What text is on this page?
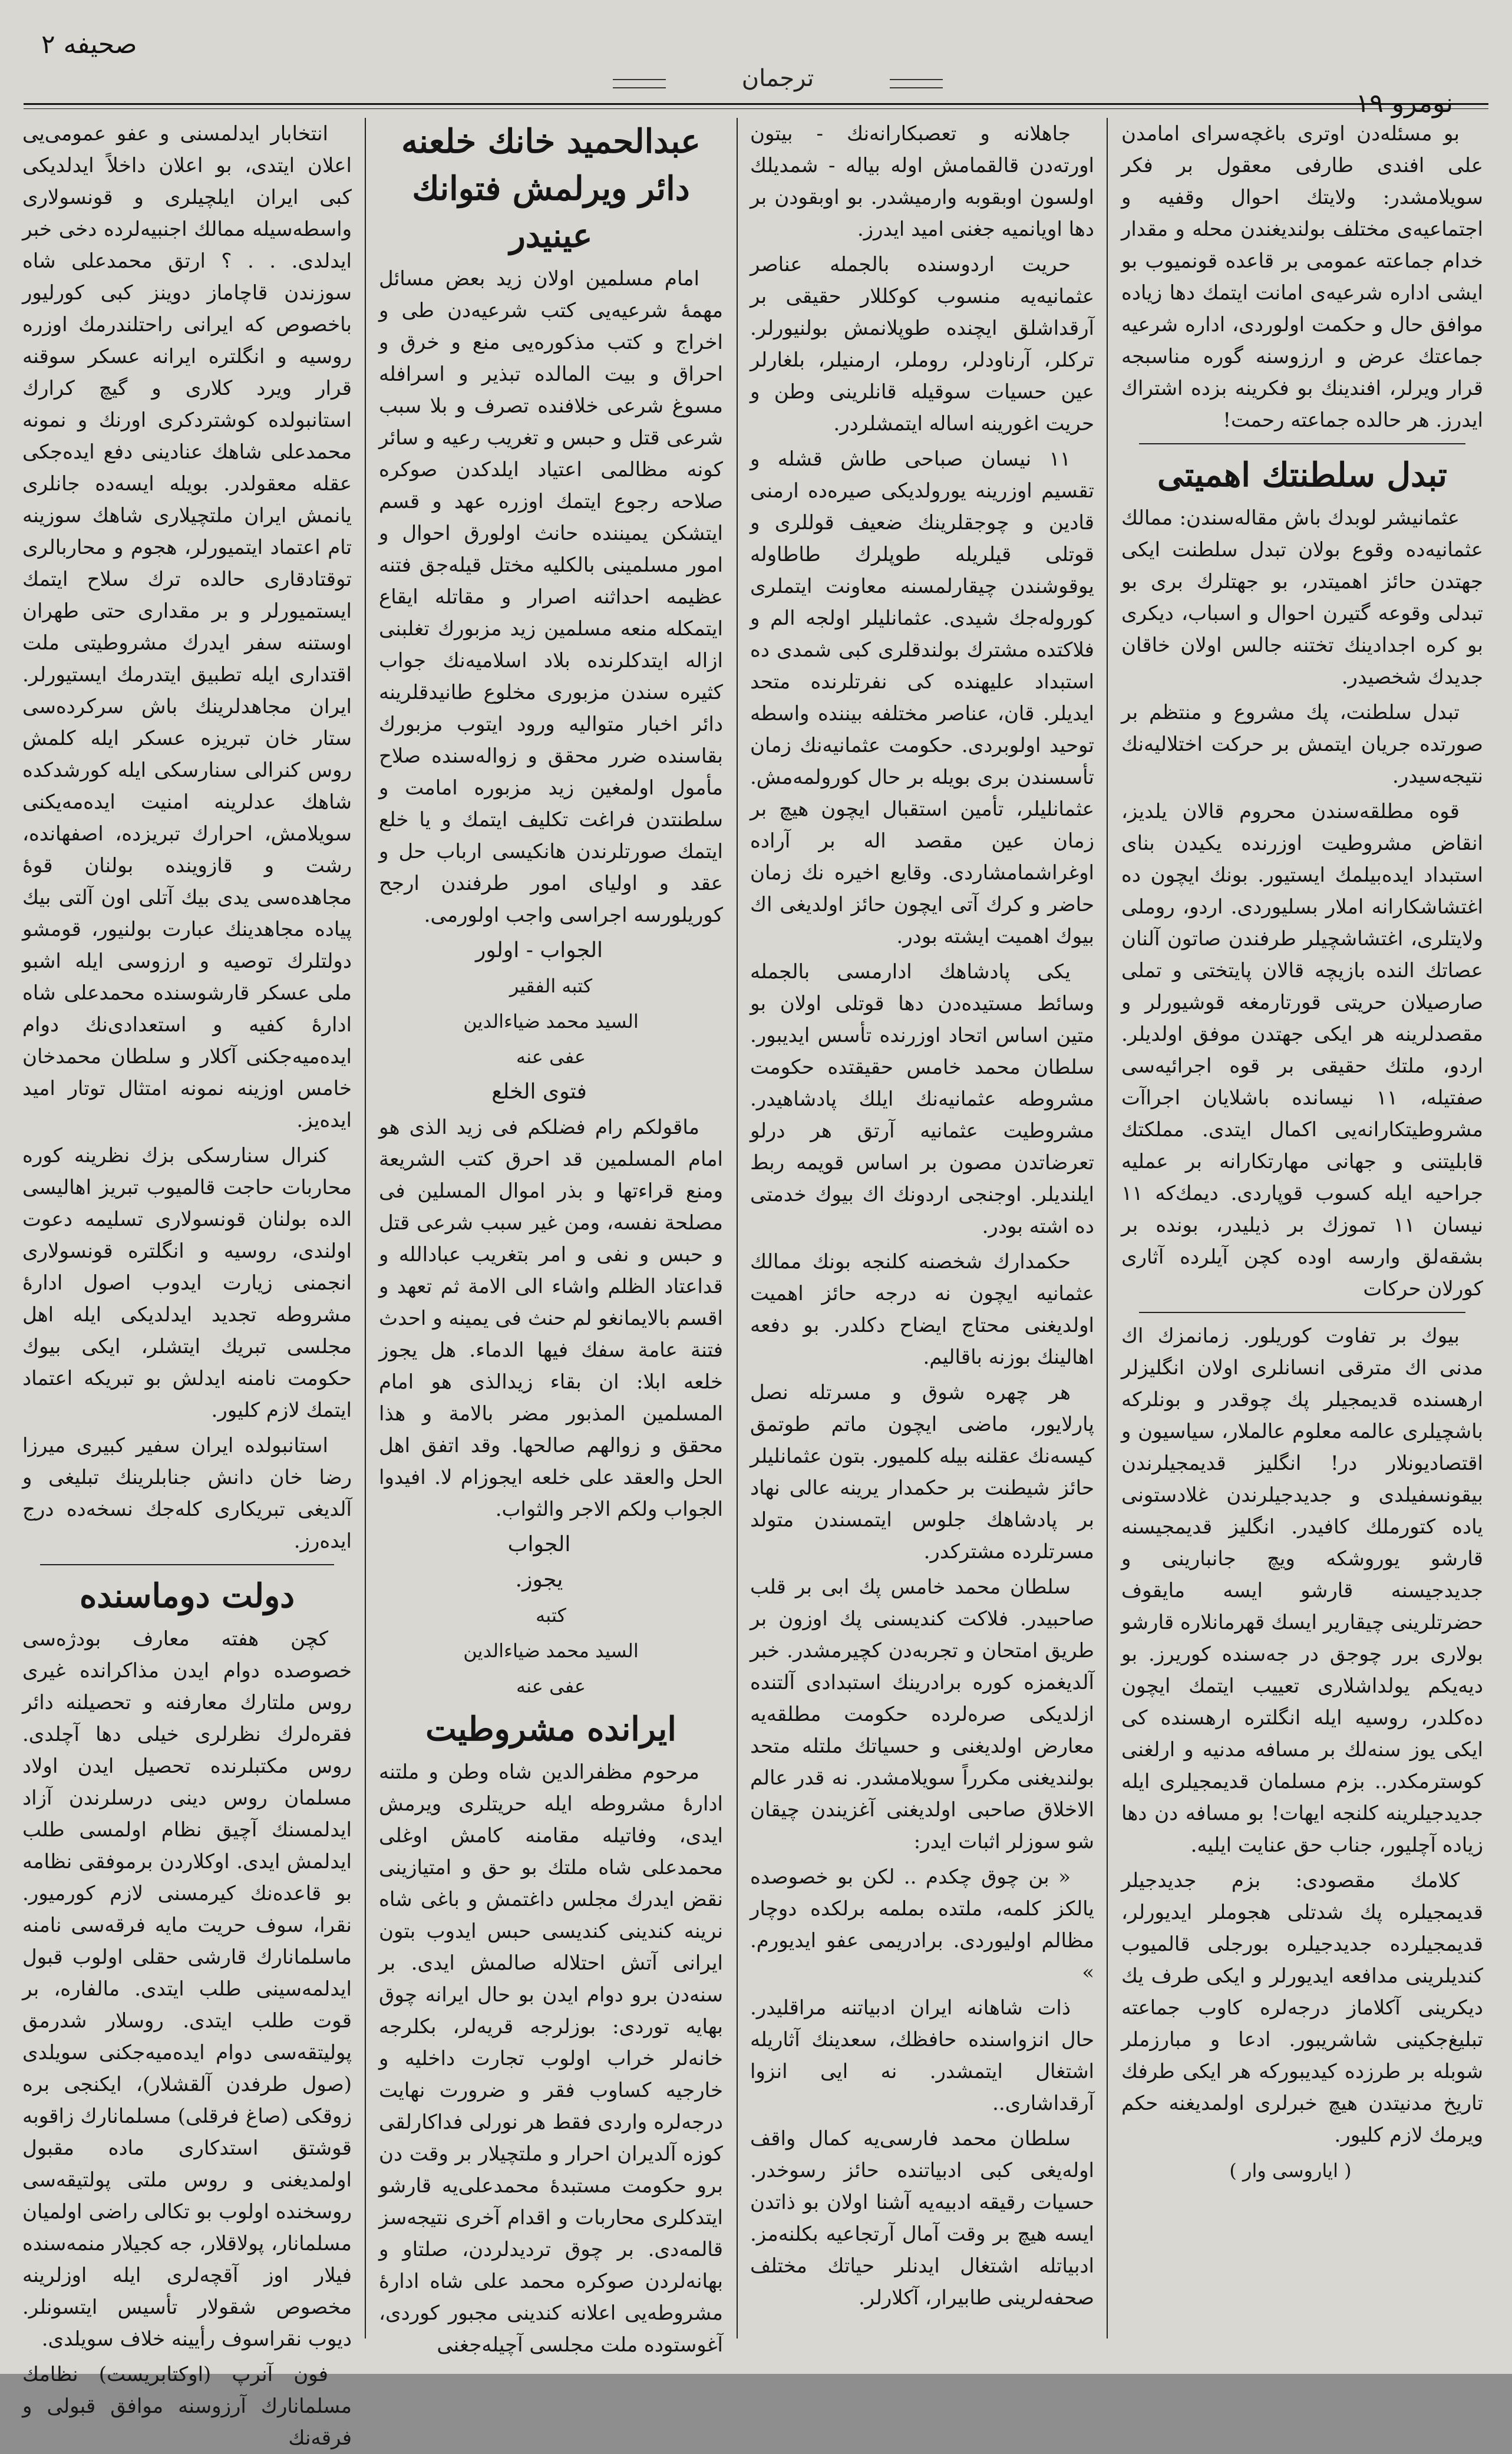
صحیفه ۲
ترجمان
نومرو ۱۹

بو مسئله‌دن اوتری باغچه‌سرای امامدن علی افندی طارفی معقول بر فکر سویلامشدر: ولایتك احوال وقفیه و اجتماعیه‌ی مختلف بولندیغندن محله و مقدار خدام جماعته عمومی بر قاعده قونمیوب بو ایشی اداره شرعیه‌ی امانت ایتمك دها زیاده موافق حال و حکمت اولوردی، اداره شرعیه جماعتك عرض و ارزوسنه گوره مناسبجه قرار ویرلر، افندینك بو فکرینه بزده اشتراك ایدرز. هر حالده جماعته رحمت!

تبدل سلطنتك اهمیتی

عثمانیشر لوبدك باش مقاله‌سندن: ممالك عثمانیه‌ده وقوع بولان تبدل سلطنت ایکی جهتدن حائز اهمیتدر، بو جهتلرك بری بو تبدلی وقوعه گتیرن احوال و اسباب، دیکری بو کره اجدادینك تختنه جالس اولان خاقان جدیدك شخصیدر.

تبدل سلطنت، پك مشروع و منتظم بر صورتده جریان ایتمش بر حرکت اختلالیه‌نك نتیجه‌سیدر.

قوه مطلقه‌سندن محروم قالان یلدیز، انقاض مشروطیت اوزرنده یکیدن بنای استبداد ایده‌بیلمك ایستیور. بونك ایچون ده اغتشاشکارانه املار بسلیوردی. اردو، روملی ولایتلری، اغتشاشچیلر طرفندن صاتون آلنان عصاتك النده بازیچه قالان پایتختی و تملی صارصیلان حریتی قورتارمغه قوشیورلر و مقصدلرینه هر ایکی جهتدن موفق اولدیلر. اردو، ملتك حقیقی بر قوه اجرائیه‌سی صفتیله، ۱۱ نیسانده باشلایان اجراآت مشروطیتکارانه‌یی اکمال ایتدی. مملکتك قابلیتنی و جهانی مهارتکارانه بر عملیه جراحیه ایله کسوب قوپاردی. دیمك‌که ۱۱ نیسان ۱۱ تموزك بر ذیلیدر، بونده بر بشقه‌لق وارسه اوده کچن آیلرده آثاری کورلان حرکات

بیوك بر تفاوت کوریلور. زمانمزك اك مدنی اك مترقی انسانلری اولان انگلیزلر ارهسنده قدیمجیلر پك چوقدر و بونلرکه باشچیلری عالمه معلوم عالملار، سیاسیون و اقتصادیونلار در! انگلیز قدیمجیلرندن بیقونسفیلدی و جدیدجیلرندن غلادستونی یاده کتورملك کافیدر. انگلیز قدیمجیسنه قارشو یوروشکه ویچ جانبارینی و جدیدجیسنه قارشو ایسه مایقوف حضرتلرینی چیقاریر ایسك قهرمانلاره قارشو بولاری برر چوجق در جه‌سنده کوریرز. بو دیه‌یکم یولداشلاری تعییب ایتمك ایچون ده‌کلدر، روسیه ایله انگلتره ارهسنده کی ایکی یوز سنه‌لك بر مسافه مدنیه و ارلغنی کوسترمکدر.. بزم مسلمان قدیمجیلری ایله جدیدجیلرینه کلنجه ایهات! بو مسافه دن دها زیاده آچلیور، جناب حق عنایت ایلیه.

کلامك مقصودی: بزم جدیدجیلر قدیمجیلره پك شدتلی هجوملر ایدیورلر، قدیمجیلرده جدیدجیلره بورجلی قالمیوب کندیلرینی مدافعه ایدیورلر و ایکی طرف یك دیکرینی آکلاماز درجه‌لره کاوب جماعته تبلیغ‌جکینی شاشریبور. ادعا و مبارزملر شوبله بر طرزده کیدیبورکه هر ایکی طرفك تاریخ مدنیتدن هیچ خبرلری اولمدیغنه حکم ویرمك لازم کلیور.

( ایاروسی وار )

جاهلانه و تعصبکارانه‌نك - بیتون اورته‌دن قالقمامش اوله بیاله - شمدیلك اولسون اوبقوبه وارمیشدر. بو اوبقودن بر دها اویانمیه جغنی امید ایدرز.

حریت اردوسنده بالجمله عناصر عثمانیه‌یه منسوب کوکللار حقیقی بر آرقداشلق ایچنده طوپلانمش بولنیورلر. ترکلر، آرناودلر، روملر، ارمنیلر، بلغارلر عین حسیات سوقیله قانلرینی وطن و حریت اغورینه اساله ایتمشلردر.

۱۱ نیسان صباحی طاش قشله و تقسیم اوزرینه یورولدیکی صیره‌ده ارمنی قادین و چوجقلرینك ضعیف قوللری و قوتلی قیلریله طوپلرك طاطاوله یوقوشندن چیقارلمسنه معاونت ایتملری کوروله‌جك شیدی. عثمانلیلر اولجه الم و فلاکتده مشترك بولندقلری کبی شمدی ده استبداد علیهنده کی نفرتلرنده متحد ایدیلر. قان، عناصر مختلفه بیننده واسطه توحید اولوبردی. حکومت عثمانیه‌نك زمان تأسسندن بری بویله بر حال کورولمه‌مش. عثمانلیلر، تأمین استقبال ایچون هیچ بر زمان عین مقصد اله بر آراده اوغراشمامشاردی. وقایع اخیره نك زمان حاضر و کرك آتی ایچون حائز اولدیغی اك بیوك اهمیت ایشته بودر.

یکی پادشاهك ادارمسی بالجمله وسائط مستیده‌دن دها قوتلی اولان بو متین اساس اتحاد اوزرنده تأسس ایدیبور. سلطان محمد خامس حقیقتده حکومت مشروطه عثمانیه‌نك ایلك پادشاهیدر. مشروطیت عثمانیه آرتق هر درلو تعرضاتدن مصون بر اساس قویمه ربط ایلندیلر. اوجنجی اردونك اك بیوك خدمتی ده اشته بودر.

حکمدارك شخصنه کلنجه بونك ممالك عثمانیه ایچون نه درجه حائز اهمیت اولدیغنی محتاج ایضاح دکلدر. بو دفعه اهالینك بوزنه باقالیم.

هر چهره شوق و مسرتله نصل پارلایور، ماضی ایچون ماتم طوتمق کیسه‌نك عقلنه بیله کلمیور. بتون عثمانلیلر حائز شیطنت بر حکمدار یرینه عالی نهاد بر پادشاهك جلوس ایتمسندن متولد مسرتلرده مشترکدر.

سلطان محمد خامس پك ابی بر قلب صاحبیدر. فلاکت کندیسنی پك اوزون بر طریق امتحان و تجربه‌دن کچیرمشدر. خبر آلدیغمزه کوره برادرینك استبدادی آلتنده ازلدیکی صره‌لرده حکومت مطلقه‌یه معارض اولدیغنی و حسیاتك ملتله متحد بولندیغنی مکرراً سویلامشدر. نه قدر عالم الاخلاق صاحبی اولدیغنی آغزیندن چیقان شو سوزلر اثبات ایدر:

« بن چوق چکدم .. لکن بو خصوصده یالکز کلمه، ملتده بملمه برلکده دوچار مظالم اولیوردی. برادریمی عفو ایدیورم. »

ذات شاهانه ایران ادبیاتنه مراقلیدر. حال انزواسنده حافظك، سعدینك آثاریله اشتغال ایتمشدر. نه ایی انزوا آرقداشاری..

سلطان محمد فارسی‌یه کمال واقف اوله‌یغی کبی ادبیاتنده حائز رسوخدر. حسیات رقیقه ادبیه‌یه آشنا اولان بو ذاتدن ایسه هیچ بر وقت آمال آرتجاعیه بکلنه‌مز. ادبیاتله اشتغال ایدنلر حیاتك مختلف صحفه‌لرینی طابیرار، آکلارلر.

عبدالحمید خانك خلعنه دائر ویرلمش فتوانك عینیدر

امام مسلمین اولان زید بعض مسائل مهمهٔ شرعیه‌یی کتب شرعیه‌دن طی و اخراج و کتب مذکوره‌یی منع و خرق و احراق و بیت المالده تبذیر و اسرافله مسوغ شرعی خلافنده تصرف و بلا سبب شرعی قتل و حبس و تغریب رعیه و سائر کونه مظالمی اعتیاد ایلدکدن صوکره صلاحه رجوع ایتمك اوزره عهد و قسم ایتشکن یمیننده حانث اولورق احوال و امور مسلمینی بالکلیه مختل قیله‌جق فتنه عظیمه احداثنه اصرار و مقاتله ایقاع ایتمکله منعه مسلمین زید مزبورك تغلبنی ازاله ایتدکلرنده بلاد اسلامیه‌نك جواب کثیره سندن مزبوری مخلوع طانیدقلرینه دائر اخبار متوالیه ورود ایتوب مزبورك بقاسنده ضرر محقق و زواله‌سنده صلاح مأمول اولمغین زید مزبوره امامت و سلطنتدن فراغت تکلیف ایتمك و یا خلع ایتمك صورتلرندن هانکیسی ارباب حل و عقد و اولیای امور طرفندن ارجح کوریلورسه اجراسی واجب اولورمی.

الجواب - اولور

کتبه الفقیر

السید محمد ضیاءالدین

عفی عنه

فتوی الخلع

ماقولکم رام فضلکم فی زید الذی هو امام المسلمین قد احرق کتب الشریعة ومنع قراءتها و بذر اموال المسلین فی مصلحة نفسه، ومن غیر سبب شرعی قتل و حبس و نفی و امر بتغریب عبادالله و قداعتاد الظلم واشاء الی الامة ثم تعهد و اقسم بالایمانغو لم حنث فی یمینه و احدث فتنة عامة سفك فیها الدماء. هل یجوز خلعه ابلا: ان بقاء زیدالذی هو امام المسلمین المذبور مضر بالامة و هذا محقق و زوالهم صالحها. وقد اتفق اهل الحل والعقد علی خلعه ایجوزام لا. افیدوا الجواب ولکم الاجر والثواب.

الجواب

یجوز.

کتبه

السید محمد ضیاءالدین

عفی عنه

ایرانده مشروطیت

مرحوم مظفرالدین شاه وطن و ملتنه ادارهٔ مشروطه ایله حریتلری ویرمش ایدی، وفاتیله مقامنه کامش اوغلی محمدعلی شاه ملتك بو حق و امتیازینی نقض ایدرك مجلس داغتمش و باغی شاه نرینه کندینی کندیسی حبس ایدوب بتون ایرانی آتش احتلاله صالمش ایدی. بر سنه‌دن برو دوام ایدن بو حال ایرانه چوق بهایه توردی: بوزلرجه قریه‌لر، بکلرجه خانه‌لر خراب اولوب تجارت داخلیه و خارجیه کساوب فقر و ضرورت نهایت درجه‌لره واردی فقط هر نورلی فداکارلقی کوزه آلدیران احرار و ملتچیلار بر وقت دن برو حکومت مستبدهٔ محمدعلی‌یه قارشو ایتدکلری محاربات و اقدام آخری نتیجه‌سز قالمه‌دی. بر چوق تردیدلردن، صلتاو و بهانه‌لردن صوکره محمد علی شاه ادارهٔ مشروطه‌یی اعلانه کندینی مجبور کوردی، آغوستوده ملت مجلسی آچیله‌جغنی

انتخابار ایدلمسنی و عفو عمومی‌یی اعلان ایتدی، بو اعلان داخلاً ایدلدیکی کبی ایران ایلچیلری و قونسولاری واسطه‌سیله ممالك اجنبیه‌لرده دخی خبر ایدلدی. . . ؟ ارتق محمدعلی شاه سوزندن قاچاماز دوینز کبی کورلیور باخصوص که ایرانی راحتلندرمك اوزره روسیه و انگلتره ایرانه عسکر سوقنه قرار ویرد کلاری و گیچ کرارك استانبولده کوشتردکری اورنك و نمونه محمدعلی شاهك عنادینی دفع ایده‌جکی عقله معقولدر. بویله ایسه‌ده جانلری یانمش ایران ملتچیلاری شاهك سوزینه تام اعتماد ایتمیورلر، هجوم و محاربالری توقتادقاری حالده ترك سلاح ایتمك ایستمیورلر و بر مقداری حتی طهران اوستنه سفر ایدرك مشروطیتی ملت اقتداری ایله تطبیق ایتدرمك ایستیورلر. ایران مجاهدلرینك باش سرکرده‌سی ستار خان تبریزه عسکر ایله کلمش روس کنرالی سنارسکی ایله کورشدکده شاهك عدلرینه امنیت ایده‌مه‌یکنی سویلامش، احرارك تبریزده، اصفهانده، رشت و قازوینده بولنان قوهٔ مجاهده‌سی یدی بیك آتلی اون آلتی بیك پیاده مجاهدینك عبارت بولنیور، قومشو دولتلرك توصیه و ارزوسی ایله اشبو ملی عسکر قارشوسنده محمدعلی شاه ادارهٔ کفیه و استعدادی‌نك دوام ایده‌میه‌جکنی آکلار و سلطان محمدخان خامس اوزینه نمونه امتثال توتار امید ایده‌یز.

کنرال سنارسکی بزك نظرینه کوره محاربات حاجت قالمیوب تبریز اهالیسی الده بولنان قونسولاری تسلیمه دعوت اولندی، روسیه و انگلتره قونسولاری انجمنی زیارت ایدوب اصول ادارهٔ مشروطه تجدید ایدلدیکی ایله اهل مجلسی تبریك ایتشلر، ایکی بیوك حکومت نامنه ایدلش بو تبریکه اعتماد ایتمك لازم کلیور.

استانبولده ایران سفیر کبیری میرزا رضا خان دانش جنابلرینك تبلیغی و آلدیغی تبریکاری کله‌جك نسخه‌ده درج ایده‌رز.

دولت دوماسنده

کچن هفته معارف بودژه‌سی خصوصده دوام ایدن مذاکرانده غیری روس ملتارك معارفنه و تحصیلنه دائر فقره‌لرك نظرلری خیلی دها آچلدی. روس مکتبلرنده تحصیل ایدن اولاد مسلمان روس دینی درسلرندن آزاد ایدلمسنك آچیق نظام اولمسی طلب ایدلمش ایدی. اوکلاردن برموفقی نظامه بو قاعده‌نك کیرمسنی لازم کورمیور. نقرا، سوف حریت مایه فرقه‌سی نامنه ماسلمانارك قارشی حقلی اولوب قبول ایدلمه‌سینی طلب ایتدی. مالفاره، بر قوت طلب ایتدی. روسلار شدرمق پولیتقه‌سی دوام ایده‌میه‌جکنی سویلدی (صول طرفدن آلقشلار)، ایکنجی بره زوقکی (صاغ فرقلی) مسلمانارك زاقوبه قوشتق استدکاری ماده مقبول اولمدیغنی و روس ملتی پولتیقه‌سی روسخنده اولوب بو تکالی راضی اولمیان مسلمانار، پولاقلار، جه کجیلار منمه‌سنده فیلار اوز آقچه‌لری ایله اوزلرینه مخصوص شقولار تأسیس ایتسونلر. دیوب نقراسوف رأیینه خلاف سویلدی.

فون آنرپ (اوکتابریست) نظامك مسلمانارك آرزوسنه موافق قبولی و فرقه‌نك
